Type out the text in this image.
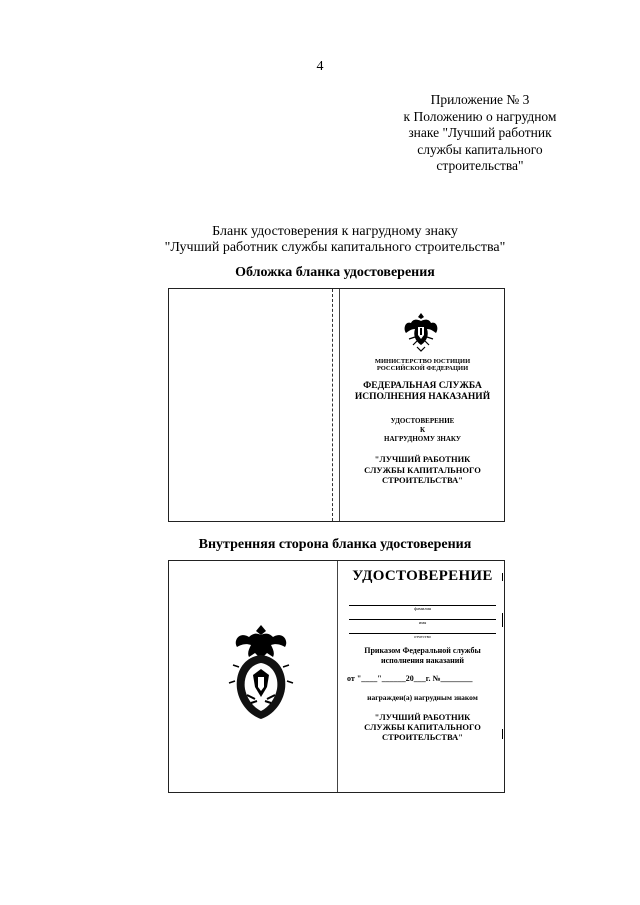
4
Приложение № 3
к Положению о нагрудном
знаке "Лучший работник
службы капитального
строительства"
Бланк удостоверения к нагрудному знаку
"Лучший работник службы капитального строительства"
Обложка бланка удостоверения
МИНИСТЕРСТВО ЮСТИЦИИ
РОССИЙСКОЙ ФЕДЕРАЦИИ
ФЕДЕРАЛЬНАЯ СЛУЖБА
ИСПОЛНЕНИЯ НАКАЗАНИЙ
УДОСТОВЕРЕНИЕ
К
НАГРУДНОМУ ЗНАКУ
"ЛУЧШИЙ РАБОТНИК
СЛУЖБЫ КАПИТАЛЬНОГО
СТРОИТЕЛЬСТВА"
Внутренняя сторона бланка удостоверения
УДОСТОВЕРЕНИЕ
фамилия
имя
отчество
Приказом Федеральной службы
исполнения наказаний
от "____"______20___г. №________
награжден(а) нагрудным знаком
"ЛУЧШИЙ РАБОТНИК
СЛУЖБЫ КАПИТАЛЬНОГО
СТРОИТЕЛЬСТВА"
